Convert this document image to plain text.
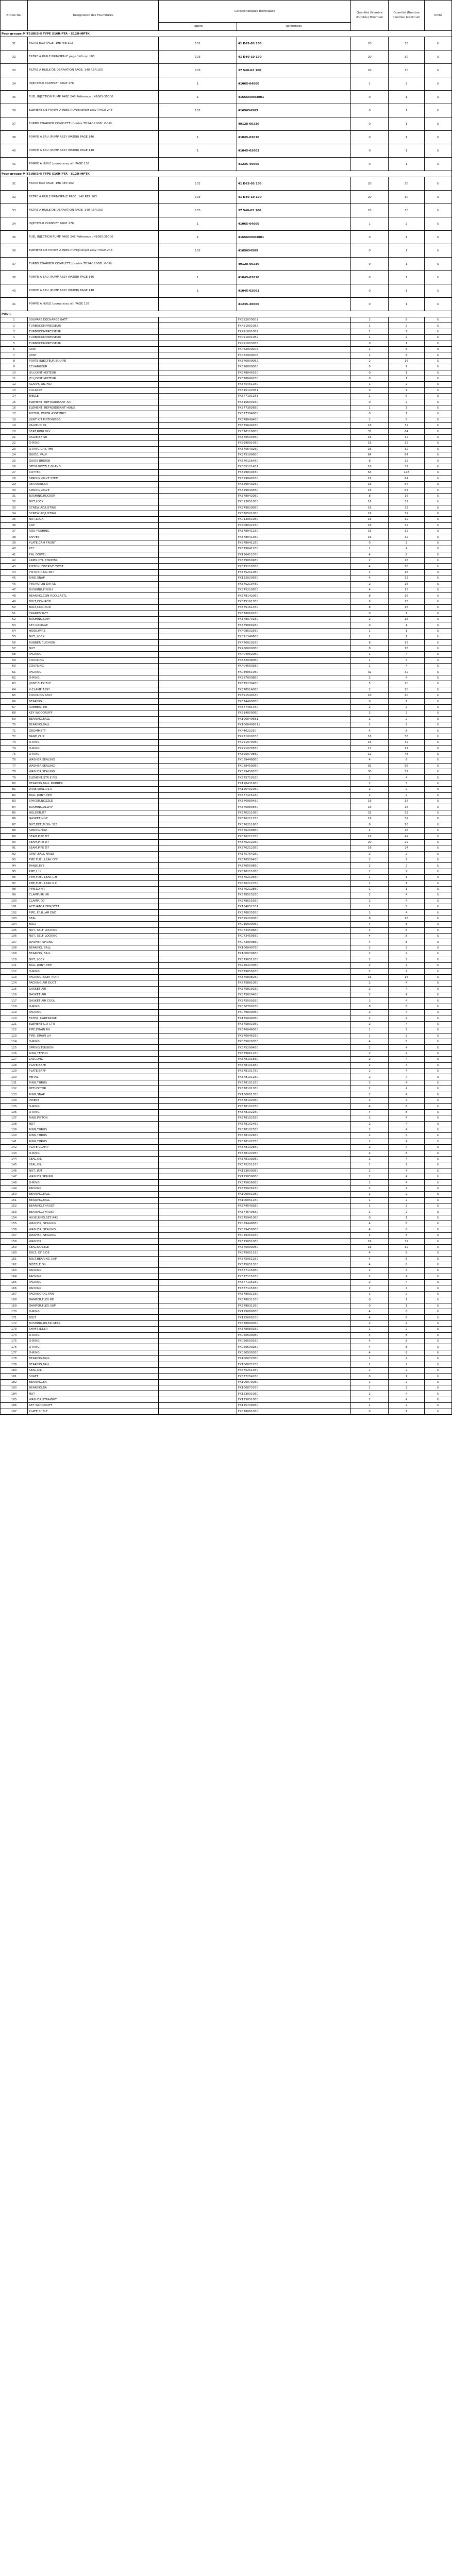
Article No.	Désignation des Fournitures	Caractéristiques techniques		Quantité (Nombre d'unités) Minimum	Quantité (Nombre d'unités) Maximum	Unité
		Repère	Références			
Pour groupe MITSUBISHI TYPE S16R-PTA - S12U-MPTK						
31	FILTRE EXO PAGE: 198 rep:102	102	41 D62-03 103	20	30	U
32	FILTRE A HUILE PRINCIPALE page 140 rep 103	103	41 D40-10 190	20	30	U
33	FILTRE A HUILE DE DERIVATION PAGE: 140 REP:103	103	37 540-02 100	20	30	U
34	INJECTEUR COMPLET PAGE 176	1	41065-04000	1	2	U
35	FUEL INJECTION PUMP PAGE 248 Référence : 41065-35000	1	4165650003001	0	1	U
36	ELEMENT DE POMPE A INJECTION(plunger assy) PAGE 248	102	4165654505	0	1	U
37	TURBO CHARGER COMPLETE (double TD24-120GD: V-07h		49128-00230	0	1	U
38	POMPE A EAU (PUMP ASSY WATER) PAGE 146	1	41045-03010	0	1	U
40	POMPE A EAU (PUMP ASSY WATER) PAGE 148	1	41045-02003	0	1	U
41	POMPE A HUILE (pump assy oil) PAGE 136		41235-40000	0	1	U
Pour groupe MITSUBISHI TYPE S16R-PTA - S12U-MPTK						
31	FILTRE EXO PAGE: 198 REP:102	102	41 D62-03 103	20	30	U
32	FILTRE A HUILE PRINCIPALE PAGE: 140 REP:103	103	41 D40-10 190	20	30	U
33	FILTRE A HUILE DE DERIVATION PAGE: 140 REP:103	103	37 540-02 100	20	30	U
34	INJECTEUR COMPLET PAGE 176	1	41065-04000	1	2	U
35	FUEL INJECTION PUMP PAGE 248 Référence : 41065-35000	1	4165650003001	0	1	U
36	ELEMENT DE POMPE A INJECTION(plunger assy) PAGE 248	102	4165654505	0	1	U
37	TURBO CHARGER COMPLETE (double TD24-120GD: V-07h		49128-00230	0	1	U
38	POMPE A EAU (PUMP ASSY WATER) PAGE 146	1	41045-03010	0	1	U
40	POMPE A EAU (PUMP ASSY WATER) PAGE 148	1	41045-02003	0	1	U
41	POMPE A HUILE (pump assy oil) PAGE 136		41235-40000	0	1	U
POUR						
1	SOUPAPE DECHARGE BATT		FX3S2070001	2	8	U
2	TURBOCOMPRESSEUR		FX4910010B2	1	2	U
3	TURBOCOMPRESSEUR		FX4910010B2	1	2	U
4	TURBOCOMPRESSEUR		FX4910010B2	1	2	U
5	TURBOCOMPRESSEUR		FX4910030B5	0	1	U
6	JOINT		FX462900005	1	6	U
7	JOINT		FX462900006	1	6	U
8	PORTE INJECTEUR EQUIPE		FX3760090B2	2	16	U
9	ECHANGEUR		FX3260000B0	0	1	U
10	JEU JOINT MOTEUR		FX3780401B0	0	1	U
11	JEU JOINT MOTEUR		FX3780401B0	0	1	U
12	ALARM, OIL FILT		FX3754511B0	1	2	U
13	CULASSE		FX3151020B1	0	1	U
14	BIELLE		FX3771912B3	1	6	U
15	ELEMENT, REFROIDISANT AIR		FX3156001B0	0	2	U
16	ELEMENT, REFROIDISANT HUILE		FX3773836B0	1	3	U
17	ROTOR, WIPER ASSEMBLY		FX3773840B0	0	1	U
18	JOINT KIT PISTON/SEG		FX3780404B0	2	8	U
19	VALVE,IN,SR		FX3756401B0	16	32	U
20	SEAT,RING VLV		FX3761100B0	32	64	U
21	VALVE,EX,SR		FX3765003B0	16	32	U
22	O-RING		FX3990910B0	16	32	U
23	O-RING,G45,THE		FX3756402B0	16	32	U
24	GUIDE, VALV		FX3751906B0	64	84	U
25	GUIDE BRIDGE		FX3761164B0	8	32	U
26	STEM NOZZLE GLAND		FX3051214B1	16	32	U
27	COTTER		FX3290404B0	64	128	U
28	SPRING,VALVE STEM		FX3290401B0	16	64	U
29	RETAINER,SA		FX3290402B0	16	64	U
30	SPRING,VALVE		FX3290403B0	16	64	U
31	BUSHING,ROCKER		FX3780420B0	8	16	U
32	NUT,LOCK		FX0130510B0	16	32	U
33	SCREW,ADJUSTING		FX3790200B0	16	32	U
34	SCREW,ADJUSTING		FX3765010B0	16	32	U
35	NUT,LOCK		FX0130510B0	16	32	U
36	CAP		FX3080421B0	16	32	U
37	ROD PUSHING		FX3780411B0	16	32	U
38	TAPPET		FX3780413B0	16	32	U
39	PLATE,CAM FRONT		FX3780412B0	0	2	U
40	KEY		FX3790412B0	1	4	U
41	PIN, DOWEL		FX1364123B0	4	8	U
42	LINER,CYL STRIP/BR		FX3790509B0	2	16	U
43	PISTON, FIBERS/E TWST		FX3752103B0	4	16	U
44	PISTON,RING SET		FX3752110B0	4	16	U
45	RING,SNAP		FX1320205B0	4	32	U
46	PIN,PISTON D/R-SD		FX3752104B0	2	16	U
47	BUSHING,FINISH		FX3752105B0	4	16	U
48	BEARING,CON-ROD,2ASTL		FX3781420B0	8	16	U
49	BOLT,CON-ROD		FX3751613B0	8	16	U
50	BOLT,CON-ROD		FX3751614B0	8	16	U
51	CRANKSHAFT		FX3780601B0	0	1	U
52	BUSHING,CAM		FX3780701B0	2	16	U
53	SET,DAMAGE		FX3790802B0	0	1	U
54	HOSE,WIRE		FX4095025B0	1	1	U
55	NUT, LOCK		FX0913406B0	1	1	U
56	RUBBER CUSHION		FX4700102B0	8	16	U
57	NUT		FX2600000B0	8	16	U
58	PACKING		FX4040620B0	1	4	U
59	COUPLING		FX3820480B0	1	4	U
60	COUPLING		FX4045603B0	1	4	U
61	PACKING		FX0490510B0	32	32	U
62	O-RING		FX3870008B0	2	4	U
63	JOINT,FLEXIBLE		FX3752304B0	5	20	U
64	V-CLAMP ASSY		FX3785140B0	2	10	U
65	COUPLING ASSY		FX3915401B0	20	40	U
66	BEARING		FX3744800B0	0	1	U
67	RUBBER, TIR		FX3774814B0	2	2	U
68	KEY WOODRUFF		FX3140500B0	2	2	U
69	BEARING,BALL		FX1000406B1	2	2	U
70	BEARING,BALL		FX1000406B11	2	2	U
71	GROMMETT		FX44022250	4	8	U
72	BAND,CLIP		FX4510001B0	16	36	U
73	O-RING		FX7910700B0	16	32	U
74	O-RING		FX7910705B0	17	17	U
75	O-RING		FX5950708B0	12	48	U
76	WASHER,SEALING		FX0594480B0	4	8	U
77	WASHER,SEALING		FX0594500B0	92	96	U
78	WASHER,SEALING		FX0594501B0	30	52	U
79	ELEMENT,STR E FIX		FX3757102B0	2	4	U
80	BEARING,BALL RUBBER		FX1204316B0	2	3	U
81	WIRE,SEAL D1.0		FX1204319B0	2	2	U
82	BALL JOINT,PIPE		FX3774151B0	2	2	U
83	SPACER,NOZZLE		FX3760804B0	16	16	U
84	BUSHING,ALLPIP		FX3760805B0	16	16	U
85	HOLDER,D7		FX3762110B0	32	32	U
86	GASKET,NOZ		FX3762111B0	16	32	U
87	NUT,DEF.,M.50-.325		FX3762116B0	8	16	U
88	SPRING,NOZ		FX3762098B0	4	16	U
89	SEAM,PIPE D7		FX3762121B0	16	49	U
90	SEAM,PIPE D7		FX3762122B0	20	29	U
91	SEAM,PIPE D7		FX3762123B0	16	24	U
92	JOINT,BALL NAILE		FX3757642B0	2	2	U
93	PIPE FUEL LEAK OFF		FX3765504B0	2	2	U
94	BANJO,EYE		FX3765508B0	2	2	U
95	PIPE,L.H.		FX3762110B0	2	2	U
96	PIPE,FUEL LEAK L.H		FX3762126B0	1	1	U
97	PIPE,FUEL LEAK R.H		FX3762127B0	1	1	U
98	PIPE,LO.HR		FX3762128B0	1	1	U
99	CLAMP,HR HR		FX3785152B0	2	4	U
100	CLAMP, D7		FX3785153B0	2	4	U
101	ACTUATOR EPG/STEA		FX1340521B1	1	5	U
102	PIPE, F/LILLAR END		FX3780355B0	2	4	U
103	SEAL		FX5952000B0	8	16	U
104	BOLT		FX0100000B0	4	8	U
105	NUT, SELF LOCKING		FX0734506B0	4	8	U
106	NUT, SELF LOCKING		FX0734505B0	4	8	U
107	WASHER SPRING		FX0739008B0	4	8	U
108	BEARING, BALL		FX1000407B0	2	2	U
109	BEARING, BALL		FX1000706B0	2	2	U
110	NUT, LOCK		FX3790512B0	2	2	U
111	BALL JOINT,PIPE		FX2564130B0	2	2	U
112	O-RING		FX3790502B0	2	2	U
113	PACKING INLET PORT		FX3758082B0	16	16	U
114	PACKING AIR DUCT		FX3758810B0	2	4	U
115	GASKET,AIR		FX3758191B0	2	4	U
116	GASKET AIR		FX3758204B0	2	4	U
117	GASKET AIR COOL		FX3755002B0	2	4	U
118	O-RING		FX0507002B0	8	8	U
119	PACKING		FX0790300B0	2	4	U
120	FILTER, CARTRIDGE		FX1750400B0	2	4	U
121	ELEMENT L.O CTR		FX3758019B0	2	4	U
122	PIPE,DRAIN RH		FX3760460B0	1	2	U
123	PIPE, DRAIN LH		FX3760461B0	1	2	U
124	O-RING		FX0850203B0	4	8	U
125	SPRING,TENSION		FX3752904B0	2	4	U
126	RING,TENSIO		FX3790612B0	2	4	U
127	LASCONG		FX3781015B0	2	4	U
128	PLATE,BAFE		FX3781016B0	2	4	U
129	PLATE,BAFF		FX3781017B0	2	4	U
130	METAL		FX3781011B0	2	4	U
131	RING,THRUS		FX3781012B0	2	4	U
132	DEFLECTOR		FX3781013B0	2	4	U
133	RING,SNAP		FX1300013B0	2	4	U
134	INSERT		FX3781020B0	2	4	U
135	O-RING		FX3781021B0	4	8	U
136	O-RING		FX3781022B0	4	8	U
137	RING,PISTON		FX3781023B0	2	4	U
138	NUT		FX3781024B0	2	4	U
139	RING,THRUS		FX3781025B0	2	4	U
140	RING,THRUS		FX3781026B0	2	4	U
141	RING,THRUS		FX3781027B0	2	4	U
142	PLATE CLAMP		FX3781028B0	2	4	U
143	O-RING		FX3781029B0	4	8	U
144	SEAL,OIL		FX3781030B0	2	4	U
145	SEAL,OIL		FX3752512B0	1	2	U
146	NUT, JAM		FX1230300B0	2	4	U
147	WASHER,SPRING		FX1250500B0	2	4	U
148	O-RING		FX3750260B0	2	4	U
149	PACKING		FX3750261B0	2	4	U
150	BEARING,BALL		FX1000510B0	1	2	U
151	BEARING,BALL		FX1000511B0	1	2	U
152	BEARING,THRUST		FX3745403B0	1	2	U
153	BEARING,THRUST		FX3745405B0	1	2	U
154	HUSE,RING,SET,A42		FX3759410B0	0	1	U
155	WASHER, SEALING		FX0594480B0	4	8	U
156	WASHER, SEALING		FX0594500B0	4	8	U
157	WASHER, SEALING		FX0594501B0	4	8	U
158	WASHER		FX3750510B0	16	32	U
159	SEAL,NOZZLE		FX3760900B0	16	32	U
160	BOLT, OF SIDE		FX3750511B0	4	8	U
161	BOLT,BEARING CAP		FX3750512B0	4	8	U
162	NOZZLE,OIL		FX3750513B0	4	8	U
163	PACKING		FX3771150B0	2	4	U
164	PACKING		FX3771151B0	2	4	U
165	PACKING		FX3771152B0	2	4	U
166	PACKING		FX3771153B0	2	4	U
167	PACKING OIL PAN		FX3780311B0	1	2	U
168	DAMPER,FLEX.RD		FX3780312B0	0	1	U
169	DAMPER,FLEX.SUP		FX3780313B0	0	1	U
170	O-RING		FX1250800B0	4	8	U
171	BOLT		FX1250801B0	4	8	U
172	BUSHING,IDLER GEAR		FX3780800B0	2	4	U
173	SHAFT,IDLER		FX3780801B0	1	2	U
174	O-RING		FX0505000B0	4	8	U
175	O-RING		FX0505001B0	4	8	U
176	O-RING		FX0505002B0	4	8	U
177	O-RING		FX0505003B0	4	8	U
178	BEARING,BALL		FX1000720B0	1	2	U
179	BEARING,BALL		FX1000721B0	1	2	U
180	SEAL,OIL		FX3752513B0	1	2	U
181	SHAFT		FX3772541B0	0	1	U
182	BEARING,BA		FX1000730B0	1	2	U
183	BEARING,BA		FX1000731B0	1	2	U
184	NUT		FX1230310B0	2	4	U
185	WASHER,STRAIGHT		FX1250510B0	2	4	U
186	KEY WOODRUFF		FX1357090B0	1	2	U
187	PLATE,SHELF		FX3780810B0	0	1	U
